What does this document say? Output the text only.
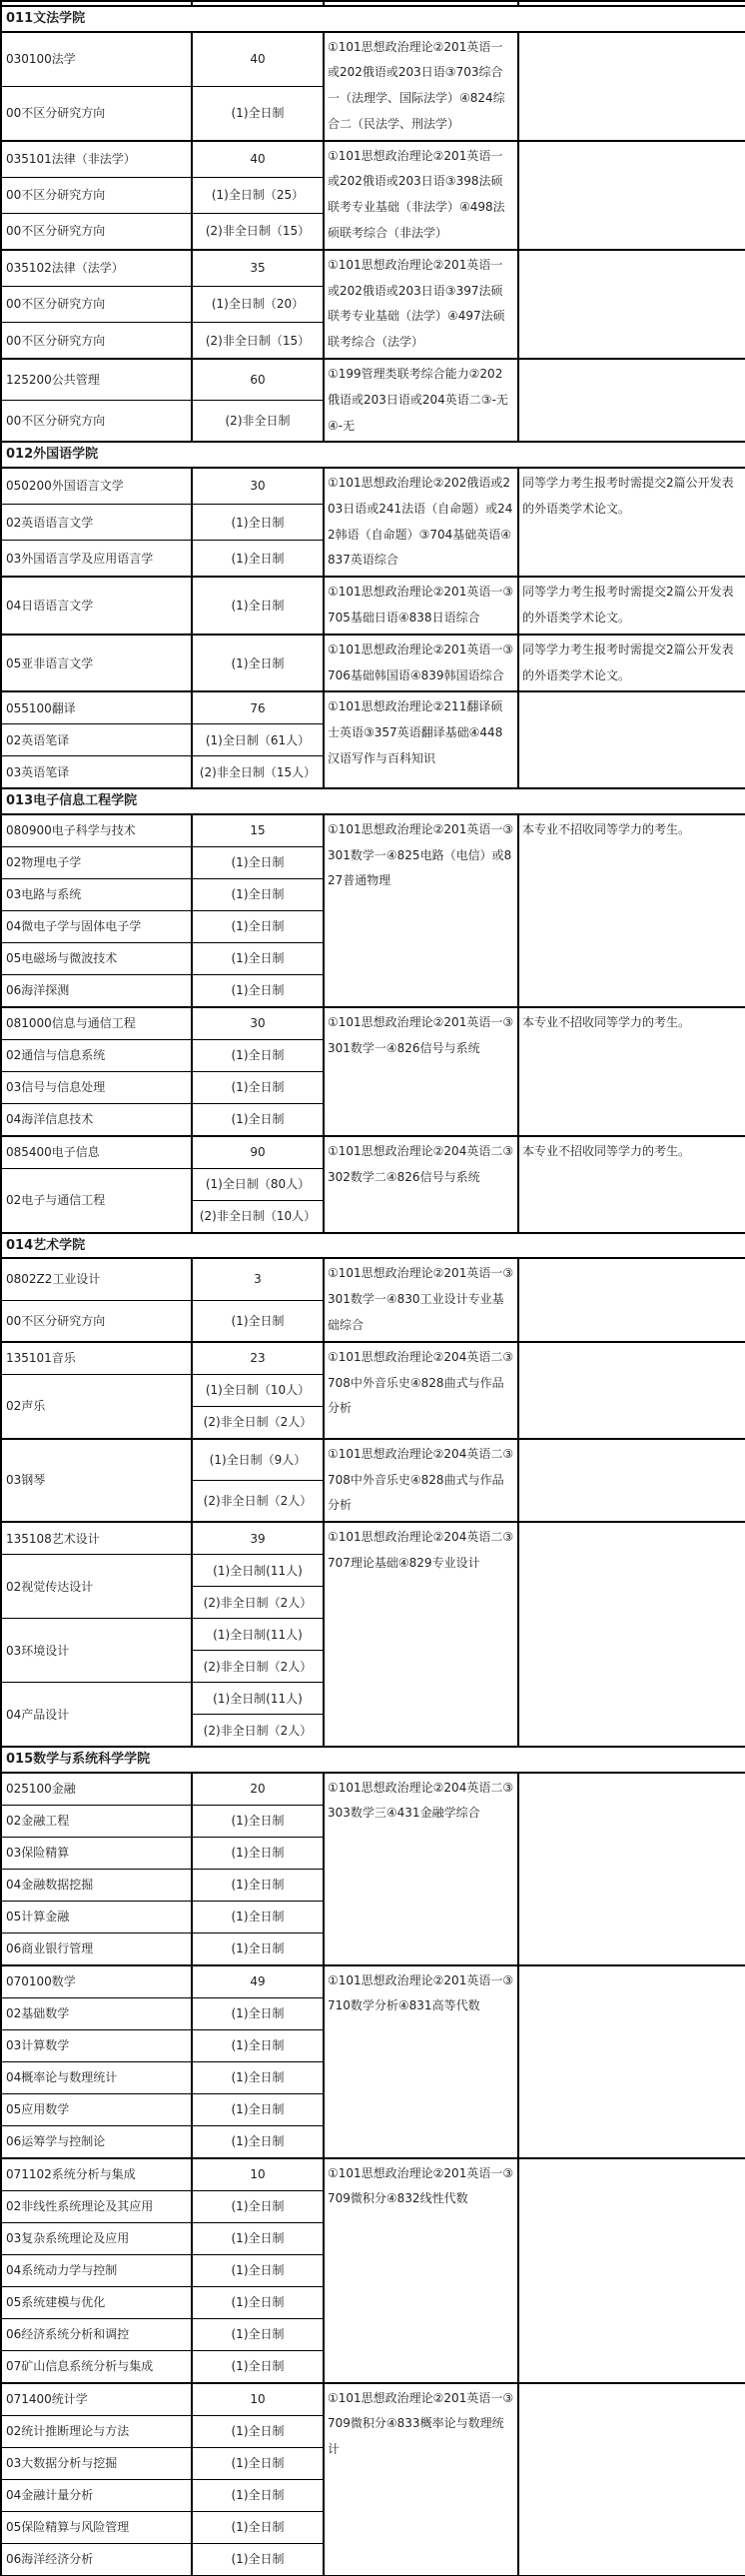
011文法学院			
030100法学	40	①101思想政治理论②201英语一或202俄语或203日语③703综合一（法理学、国际法学）④824综合二（民法学、刑法学）	
00不区分研究方向	(1)全日制		
035101法律（非法学）	40	①101思想政治理论②201英语一或202俄语或203日语③398法硕联考专业基础（非法学）④498法硕联考综合（非法学）	
00不区分研究方向	(1)全日制（25）		
00不区分研究方向	(2)非全日制（15）		
035102法律（法学）	35	①101思想政治理论②201英语一或202俄语或203日语③397法硕联考专业基础（法学）④497法硕联考综合（法学）	
00不区分研究方向	(1)全日制（20）		
00不区分研究方向	(2)非全日制（15）		
125200公共管理	60	①199管理类联考综合能力②202俄语或203日语或204英语二③-无④-无	
00不区分研究方向	(2)非全日制		
012外国语学院			
050200外国语言文学	30	①101思想政治理论②202俄语或203日语或241法语（自命题）或242韩语（自命题）③704基础英语④837英语综合	同等学力考生报考时需提交2篇公开发表的外语类学术论文。
02英语语言文学	(1)全日制		
03外国语言学及应用语言学	(1)全日制		
04日语语言文学	(1)全日制	①101思想政治理论②201英语一③705基础日语④838日语综合	同等学力考生报考时需提交2篇公开发表的外语类学术论文。
05亚非语言文学	(1)全日制	①101思想政治理论②201英语一③706基础韩国语④839韩国语综合	同等学力考生报考时需提交2篇公开发表的外语类学术论文。
055100翻译	76	①101思想政治理论②211翻译硕士英语③357英语翻译基础④448汉语写作与百科知识	
02英语笔译	(1)全日制（61人）		
03英语笔译	(2)非全日制（15人）		
013电子信息工程学院			
080900电子科学与技术	15	①101思想政治理论②201英语一③301数学一④825电路（电信）或827普通物理	本专业不招收同等学力的考生。
02物理电子学	(1)全日制		
03电路与系统	(1)全日制		
04微电子学与固体电子学	(1)全日制		
05电磁场与微波技术	(1)全日制		
06海洋探测	(1)全日制		
081000信息与通信工程	30	①101思想政治理论②201英语一③301数学一④826信号与系统	本专业不招收同等学力的考生。
02通信与信息系统	(1)全日制		
03信号与信息处理	(1)全日制		
04海洋信息技术	(1)全日制		
085400电子信息	90	①101思想政治理论②204英语二③302数学二④826信号与系统	本专业不招收同等学力的考生。
02电子与通信工程	(1)全日制（80人）		
	(2)非全日制（10人）		
014艺术学院			
0802Z2工业设计	3	①101思想政治理论②201英语一③301数学一④830工业设计专业基础综合	
00不区分研究方向	(1)全日制		
135101音乐	23	①101思想政治理论②204英语二③708中外音乐史④828曲式与作品分析	
02声乐	(1)全日制（10人）		
	(2)非全日制（2人）		
03钢琴	(1)全日制（9人）	①101思想政治理论②204英语二③708中外音乐史④828曲式与作品分析	
	(2)非全日制（2人）		
135108艺术设计	39	①101思想政治理论②204英语二③707理论基础④829专业设计	
02视觉传达设计	(1)全日制(11人)		
	(2)非全日制（2人）		
03环境设计	(1)全日制(11人)		
	(2)非全日制（2人）		
04产品设计	(1)全日制(11人)		
	(2)非全日制（2人）		
015数学与系统科学学院			
025100金融	20	①101思想政治理论②204英语二③303数学三④431金融学综合	
02金融工程	(1)全日制		
03保险精算	(1)全日制		
04金融数据挖掘	(1)全日制		
05计算金融	(1)全日制		
06商业银行管理	(1)全日制		
070100数学	49	①101思想政治理论②201英语一③710数学分析④831高等代数	
02基础数学	(1)全日制		
03计算数学	(1)全日制		
04概率论与数理统计	(1)全日制		
05应用数学	(1)全日制		
06运筹学与控制论	(1)全日制		
071102系统分析与集成	10	①101思想政治理论②201英语一③709微积分④832线性代数	
02非线性系统理论及其应用	(1)全日制		
03复杂系统理论及应用	(1)全日制		
04系统动力学与控制	(1)全日制		
05系统建模与优化	(1)全日制		
06经济系统分析和调控	(1)全日制		
07矿山信息系统分析与集成	(1)全日制		
071400统计学	10	①101思想政治理论②201英语一③709微积分④833概率论与数理统计	
02统计推断理论与方法	(1)全日制		
03大数据分析与挖掘	(1)全日制		
04金融计量分析	(1)全日制		
05保险精算与风险管理	(1)全日制		
06海洋经济分析	(1)全日制		
